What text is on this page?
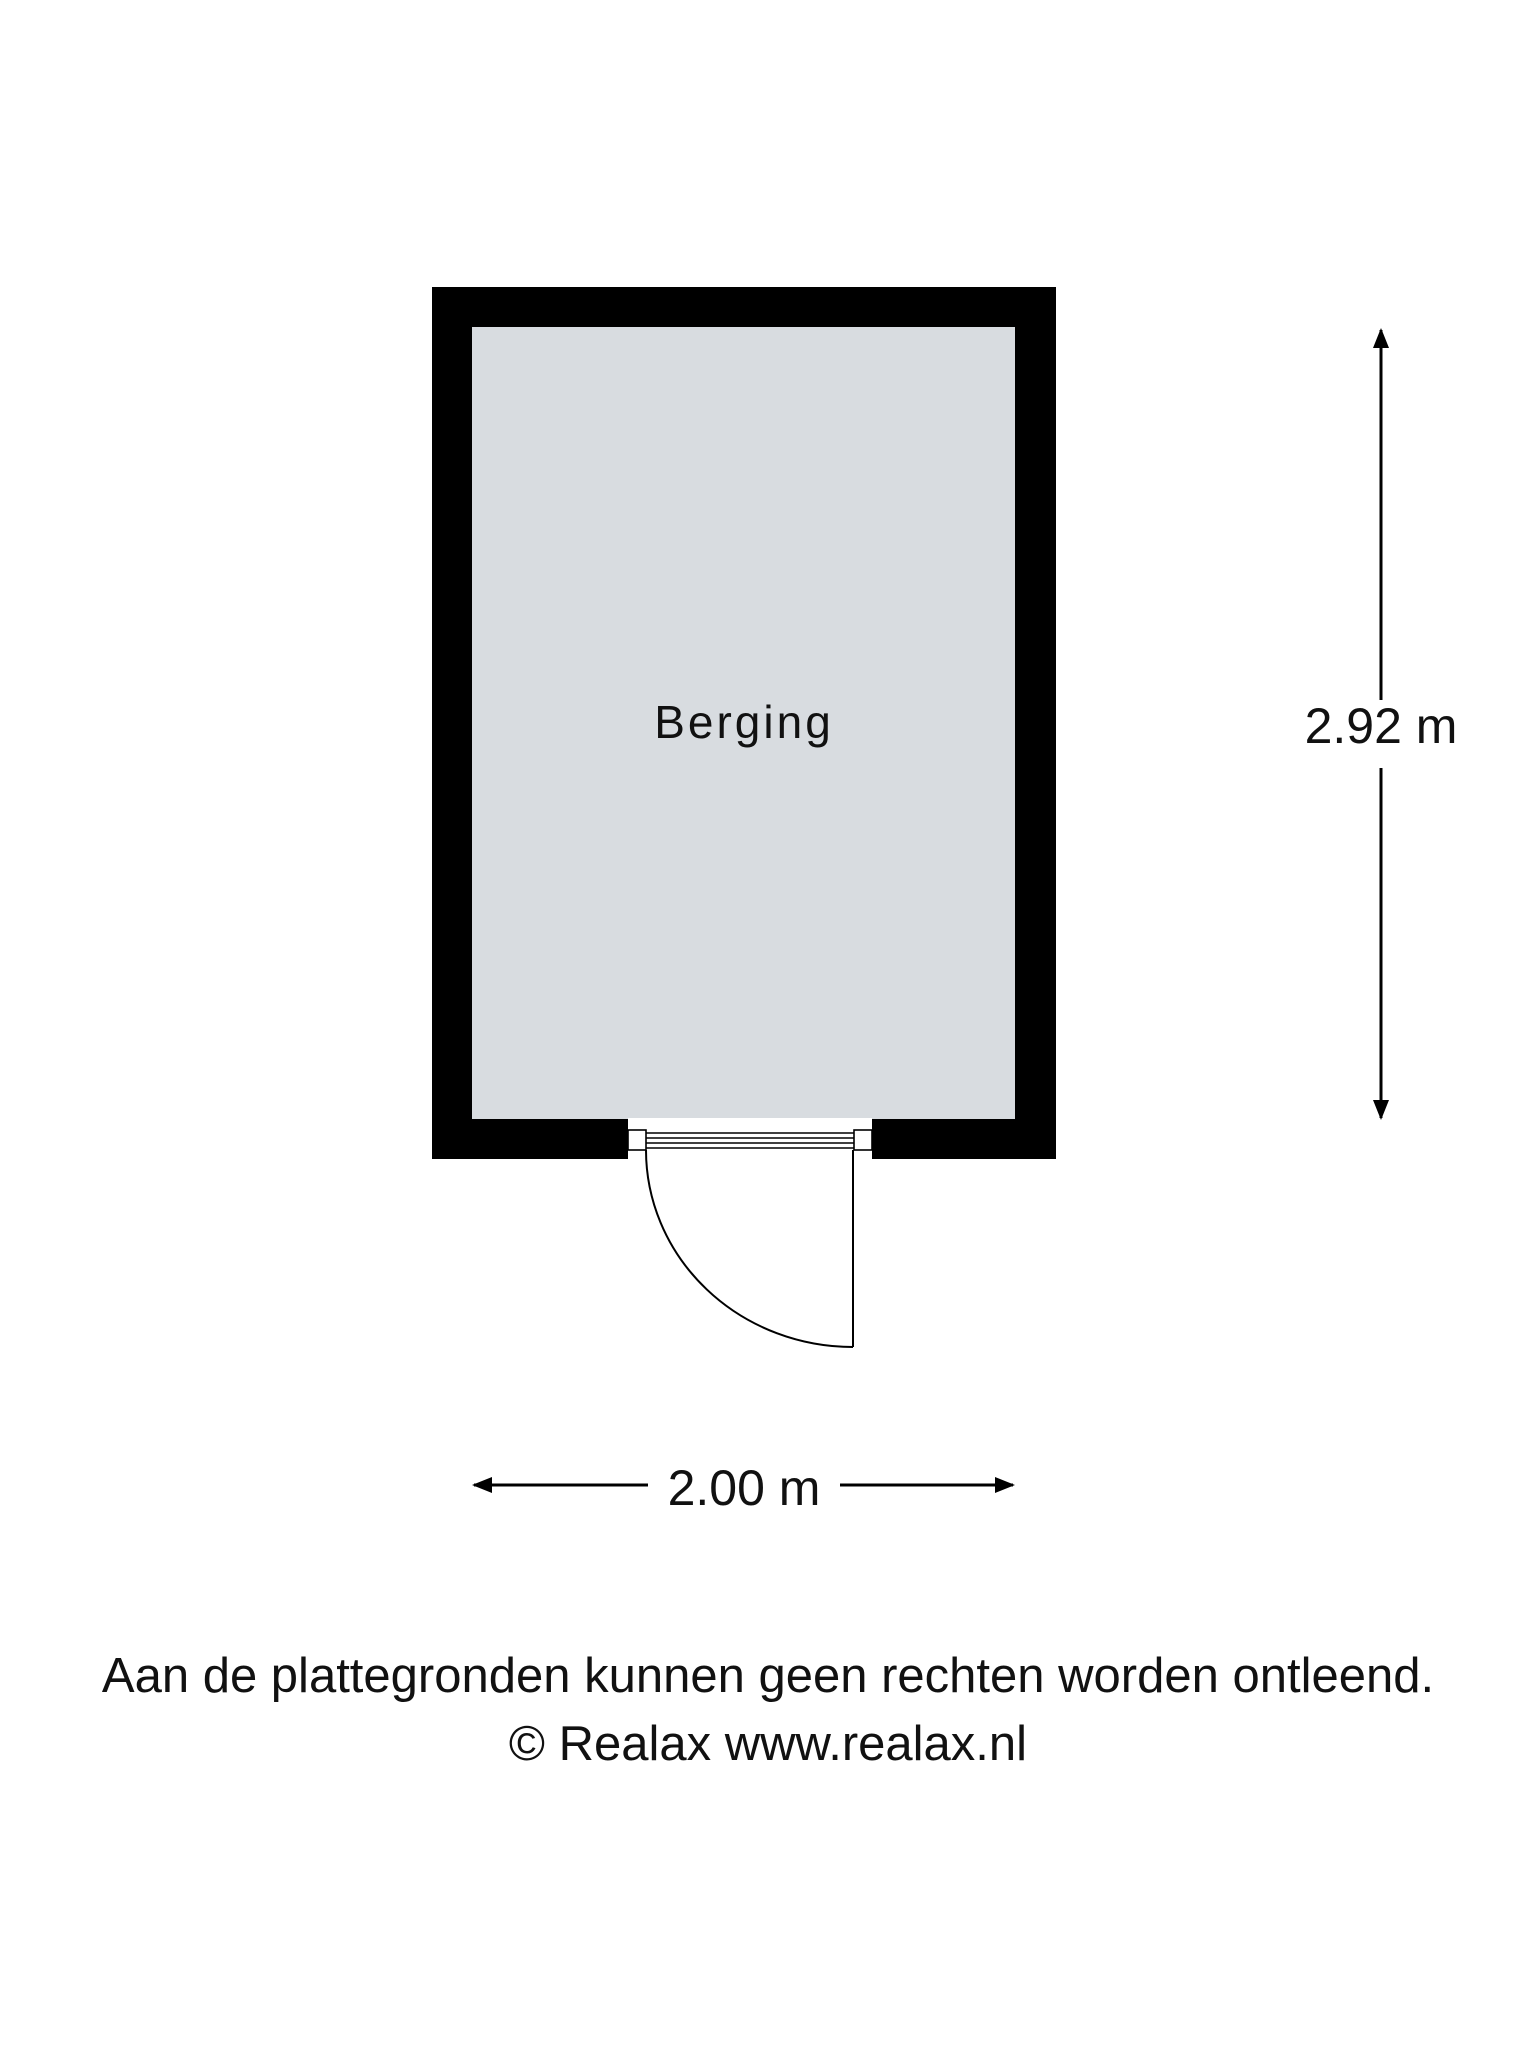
Berging	2.92 m
2.00 m
Aan de plattegronden kunnen geen rechten worden ontleend.
© Realax www.realax.nl
